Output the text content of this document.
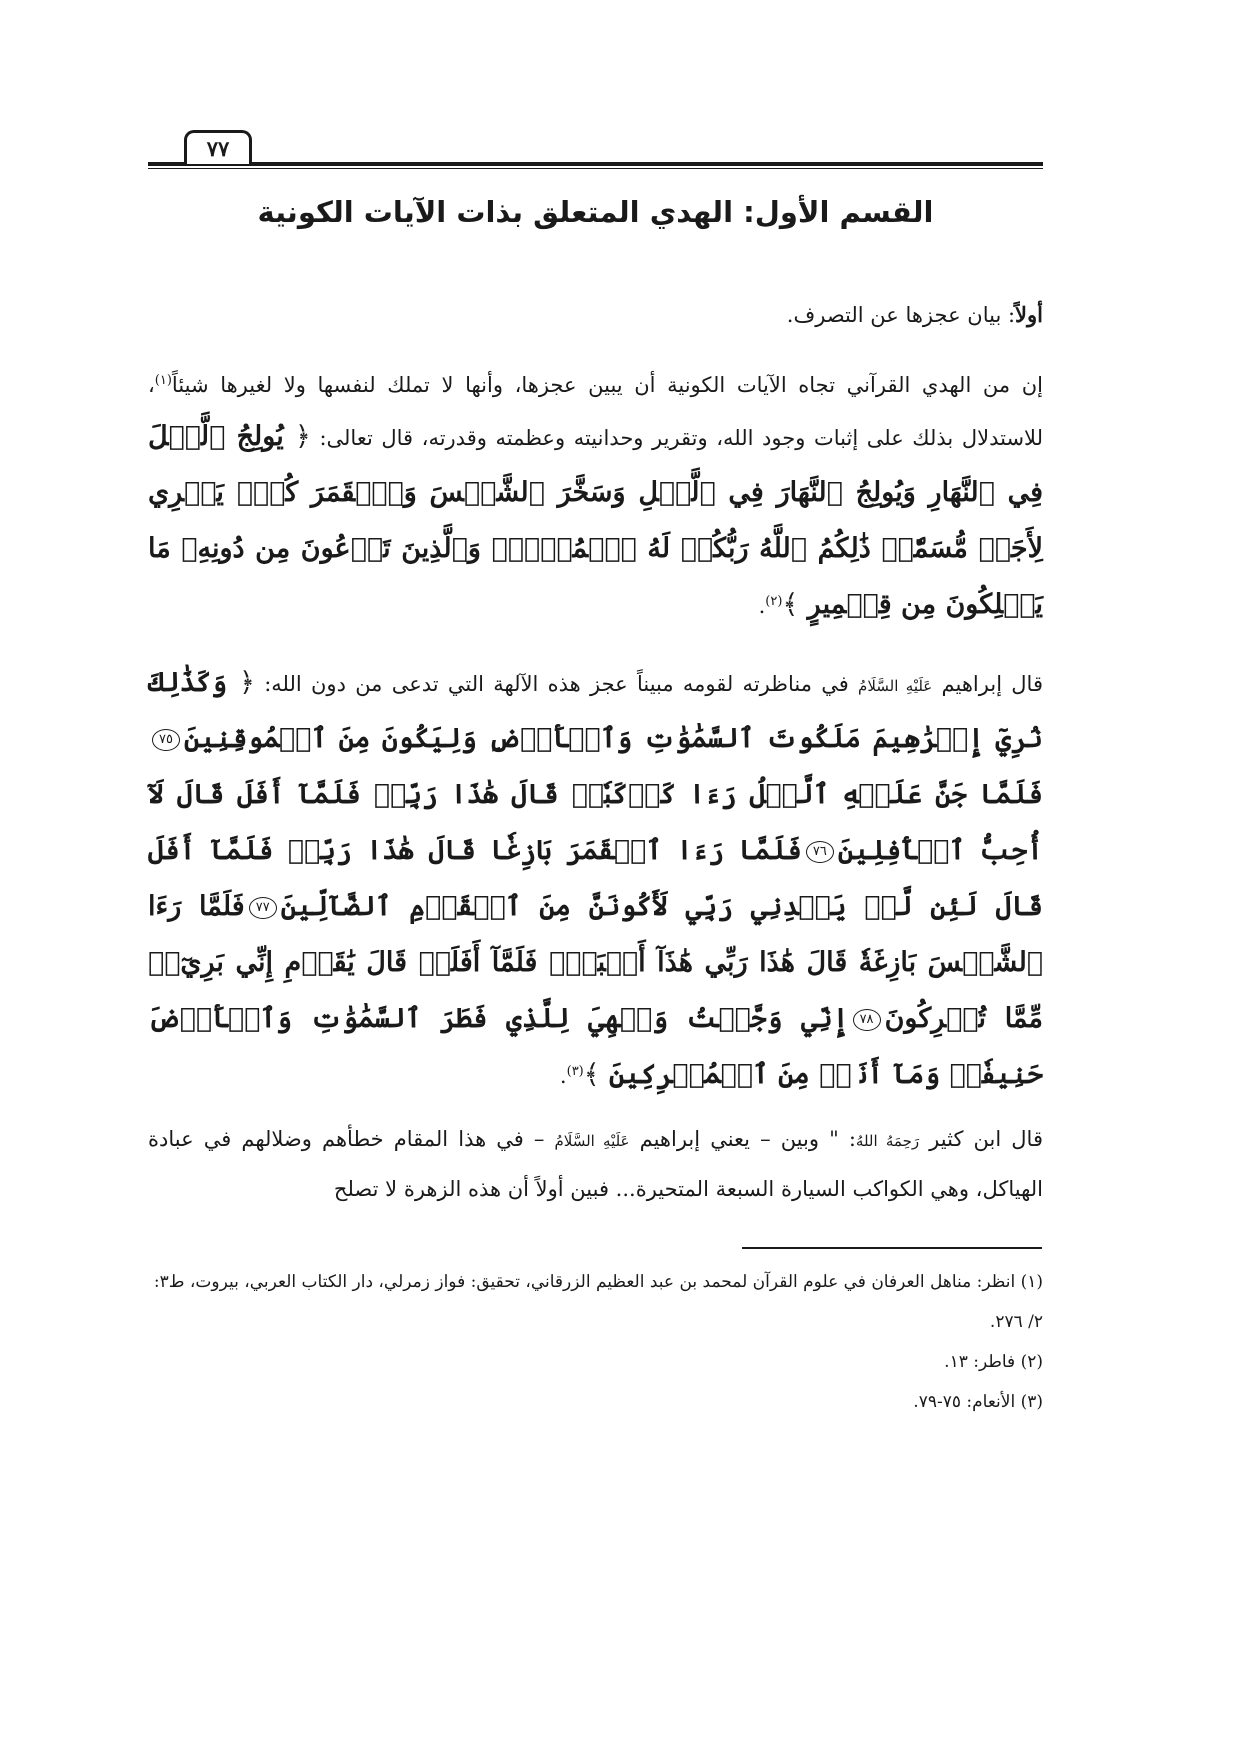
٧٧
القسم الأول: الهدي المتعلق بذات الآيات الكونية

أولاً: بيان عجزها عن التصرف.

إن من الهدي القرآني تجاه الآيات الكونية أن يبين عجزها، وأنها لا تملك لنفسها ولا لغيرها شيئاً$^{(١)}$، للاستدلال بذلك على إثبات وجود الله، وتقرير وحدانيته وعظمته وقدرته، قال تعالى: ﴿ يُولِجُ ٱلَّيۡلَ فِي ٱلنَّهَارِ وَيُولِجُ ٱلنَّهَارَ فِي ٱلَّيۡلِ وَسَخَّرَ ٱلشَّمۡسَ وَٱلۡقَمَرَ كُلّٞ يَجۡرِي لِأَجَلٖ مُّسَمّٗىۚ ذَٰلِكُمُ ٱللَّهُ رَبُّكُمۡ لَهُ ٱلۡمُلۡكُۚ وَٱلَّذِينَ تَدۡعُونَ مِن دُونِهِۦ مَا يَمۡلِكُونَ مِن قِطۡمِيرٍ ﴾$^{(٢)}$.

قال إبراهيم عَلَيْهِ السَّلَامُ في مناظرته لقومه مبيناً عجز هذه الآلهة التي تدعى من دون الله: ﴿ وَكَذَٰلِكَ نُرِيٓ إِبۡرَٰهِيمَ مَلَكُوتَ ٱلسَّمَٰوَٰتِ وَٱلۡأَرۡضِ وَلِيَكُونَ مِنَ ٱلۡمُوقِنِينَ٧٥فَلَمَّا جَنَّ عَلَيۡهِ ٱلَّيۡلُ رَءَا كَوۡكَبٗاۖ قَالَ هَٰذَا رَبِّيۖ فَلَمَّآ أَفَلَ قَالَ لَآ أُحِبُّ ٱلۡأٓفِلِينَ٧٦فَلَمَّا رَءَا ٱلۡقَمَرَ بَازِغٗا قَالَ هَٰذَا رَبِّيۖ فَلَمَّآ أَفَلَ قَالَ لَئِن لَّمۡ يَهۡدِنِي رَبِّي لَأَكُونَنَّ مِنَ ٱلۡقَوۡمِ ٱلضَّآلِّينَ٧٧فَلَمَّا رَءَا ٱلشَّمۡسَ بَازِغَةٗ قَالَ هَٰذَا رَبِّي هَٰذَآ أَكۡبَرُۖ فَلَمَّآ أَفَلَتۡ قَالَ يَٰقَوۡمِ إِنِّي بَرِيٓءٞ مِّمَّا تُشۡرِكُونَ٧٨إِنِّي وَجَّهۡتُ وَجۡهِيَ لِلَّذِي فَطَرَ ٱلسَّمَٰوَٰتِ وَٱلۡأَرۡضَ حَنِيفٗاۖ وَمَآ أَنَا۠ مِنَ ٱلۡمُشۡرِكِينَ ﴾$^{(٣)}$.

قال ابن كثير رَحِمَهُ اللهُ: " وبين – يعني إبراهيم عَلَيْهِ السَّلَامُ – في هذا المقام خطأهم وضلالهم في عبادة الهياكل، وهي الكواكب السيارة السبعة المتحيرة... فبين أولاً أن هذه الزهرة لا تصلح

(١) انظر: مناهل العرفان في علوم القرآن لمحمد بن عبد العظيم الزرقاني، تحقيق: فواز زمرلي، دار الكتاب العربي، بيروت، ط٣: ٢/ ٢٧٦.
(٢) فاطر: ١٣.
(٣) الأنعام: ٧٥-٧٩.
